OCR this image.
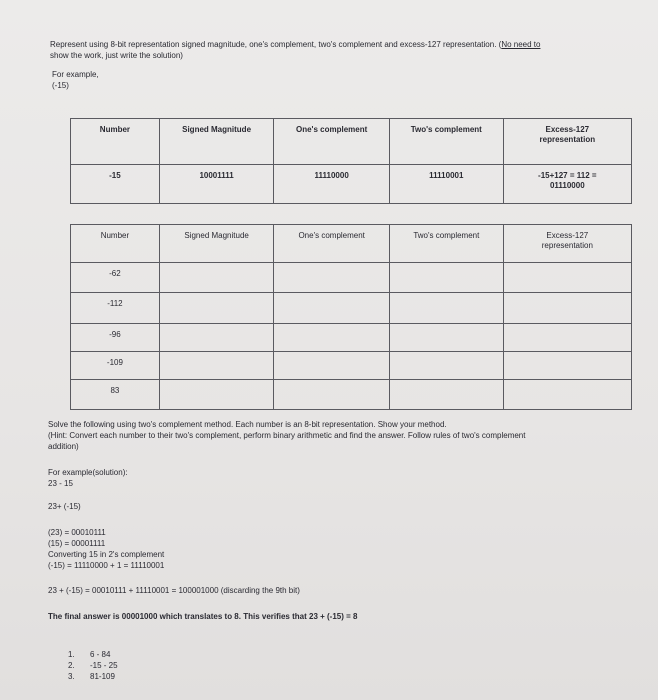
Represent using 8-bit representation signed magnitude, one's complement, two's complement and excess-127 representation. (No need to
show the work, just write the solution)
For example,
(-15)
Number	Signed Magnitude	One's complement	Two's complement	Excess-127 representation

-15	10001111	11110000	11110001	-15+127 = 112 =
01110000
Number	Signed Magnitude	One's complement	Two's complement	Excess-127 representation

-62				

-112				

-96				

-109				

83				

Solve the following using two's complement method. Each number is an 8-bit representation. Show your method.
(Hint: Convert each number to their two's complement, perform binary arithmetic and find the answer. Follow rules of two's complement
addition)
For example(solution):
23 - 15
23+ (-15)
(23) = 00010111
(15) = 00001111
Converting 15 in 2's complement
(-15) = 11110000 + 1 = 11110001
23 + (-15) = 00010111 + 11110001 = 100001000 (discarding the 9th bit)
The final answer is 00001000 which translates to 8. This verifies that 23 + (-15) = 8
1. 6 - 84
2. -15 - 25
3. 81-109
